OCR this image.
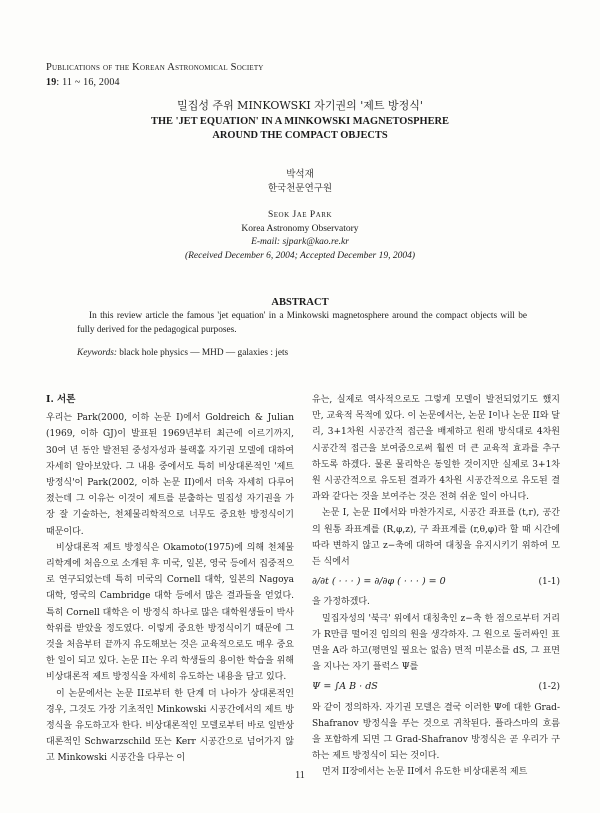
Publications of the Korean Astronomical Society
19: 11 ~ 16, 2004
밀집성 주위 MINKOWSKI 자기권의 '제트 방정식'
THE 'JET EQUATION' IN A MINKOWSKI MAGNETOSPHERE
AROUND THE COMPACT OBJECTS
박석재
한국천문연구원
Seok Jae Park
Korea Astronomy Observatory
E-mail: sjpark@kao.re.kr
(Received December 6, 2004; Accepted December 19, 2004)
ABSTRACT
In this review article the famous 'jet equation' in a Minkowski magnetosphere around the compact objects will be fully derived for the pedagogical purposes.
Keywords: black hole physics — MHD — galaxies : jets
I. 서론

우리는 Park(2000, 이하 논문 I)에서 Goldreich & Julian (1969, 이하 GJ)이 발표된 1969년부터 최근에 이르기까지, 30여 년 동안 발전된 중성자성과 블랙홀 자기권 모델에 대하여 자세히 알아보았다. 그 내용 중에서도 특히 비상대론적인 '제트 방정식'이 Park(2002, 이하 논문 II)에서 더욱 자세히 다루어졌는데 그 이유는 이것이 제트를 분출하는 밀집성 자기권을 가장 잘 기술하는, 천체물리학적으로 너무도 중요한 방정식이기 때문이다.

비상대론적 제트 방정식은 Okamoto(1975)에 의해 천체물리학계에 처음으로 소개된 후 미국, 일본, 영국 등에서 집중적으로 연구되었는데 특히 미국의 Cornell 대학, 일본의 Nagoya 대학, 영국의 Cambridge 대학 등에서 많은 결과들을 얻었다. 특히 Cornell 대학은 이 방정식 하나로 많은 대학원생들이 박사 학위를 받았을 정도였다. 이렇게 중요한 방정식이기 때문에 그것을 처음부터 끝까지 유도해보는 것은 교육적으로도 매우 중요한 일이 되고 있다. 논문 II는 우리 학생들의 용이한 학습을 위해 비상대론적 제트 방정식을 자세히 유도하는 내용을 담고 있다.

이 논문에서는 논문 II로부터 한 단계 더 나아가 상대론적인 경우, 그것도 가장 기초적인 Minkowski 시공간에서의 제트 방정식을 유도하고자 한다. 비상대론적인 모델로부터 바로 일반상대론적인 Schwarzschild 또는 Kerr 시공간으로 넘어가지 않고 Minkowski 시공간을 다루는 이

유는, 실제로 역사적으로도 그렇게 모델이 발전되었기도 했지만, 교육적 목적에 있다. 이 논문에서는, 논문 I이나 논문 II와 달리, 3+1차원 시공간적 접근을 배제하고 원래 방식대로 4차원 시공간적 접근을 보여줌으로써 훨씬 더 큰 교육적 효과를 추구하도록 하겠다. 물론 물리학은 동일한 것이지만 실제로 3+1차원 시공간적으로 유도된 결과가 4차원 시공간적으로 유도된 결과와 같다는 것을 보여주는 것은 전혀 쉬운 일이 아니다.

논문 I, 논문 II에서와 마찬가지로, 시공간 좌표를 (t,r), 공간의 원통 좌표계를 (R,φ,z), 구 좌표계를 (r,θ,φ)라 할 때 시간에 따라 변하지 않고 z−축에 대하여 대칭을 유지시키기 위하여 모든 식에서

∂/∂t ( · · · ) = ∂/∂φ ( · · · ) = 0	(1-1)

을 가정하겠다.

밀집자성의 '북극' 위에서 대칭축인 z−축 한 점으로부터 거리가 R만큼 떨어진 임의의 원을 생각하자. 그 원으로 둘러싸인 표면을 A라 하고(평면일 필요는 없음) 면적 미분소를 dS, 그 표면을 지나는 자기 플럭스 Ψ를

Ψ = ∫A B · dS	(1-2)

와 같이 정의하자. 자기권 모델은 결국 이러한 Ψ에 대한 Grad-Shafranov 방정식을 푸는 것으로 귀착된다. 플라스마의 흐름을 포함하게 되면 그 Grad-Shafranov 방정식은 곧 우리가 구하는 제트 방정식이 되는 것이다.

먼저 II장에서는 논문 II에서 유도한 비상대론적 제트

11
